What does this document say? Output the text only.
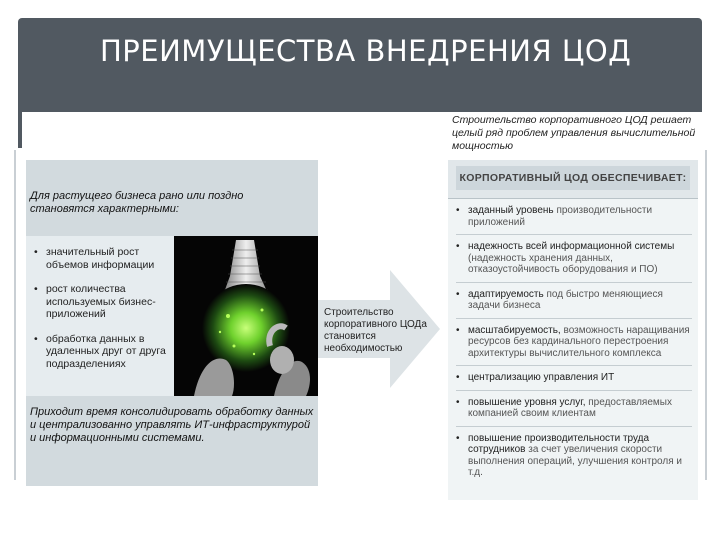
ПРЕИМУЩЕСТВА ВНЕДРЕНИЯ ЦОД
Строительство корпоративного ЦОД решает целый ряд проблем управления вычислительной мощностью
Для растущего бизнеса рано или поздно становятся характерными:
• значительный рост объемов информации
• рост количества используемых бизнес-приложений
• обработка данных в удаленных друг от друга подразделениях
Приходит время консолидировать обработку данных и централизованно управлять ИТ-инфраструктурой и информационными системами.
Строительство корпоративного ЦОДа становится необходимостью
КОРПОРАТИВНЫЙ ЦОД ОБЕСПЕЧИВАЕТ:
• заданный уровень производительности приложений
• надежность всей информационной системы (надежность хранения данных, отказоустойчивость оборудования и ПО)
• адаптируемость под быстро меняющиеся задачи бизнеса
• масштабируемость, возможность наращивания ресурсов без кардинального перестроения архитектуры вычислительного комплекса
• централизацию управления ИТ
• повышение уровня услуг, предоставляемых компанией своим клиентам
• повышение производительности труда сотрудников за счет увеличения скорости выполнения операций, улучшения контроля и т.д.
